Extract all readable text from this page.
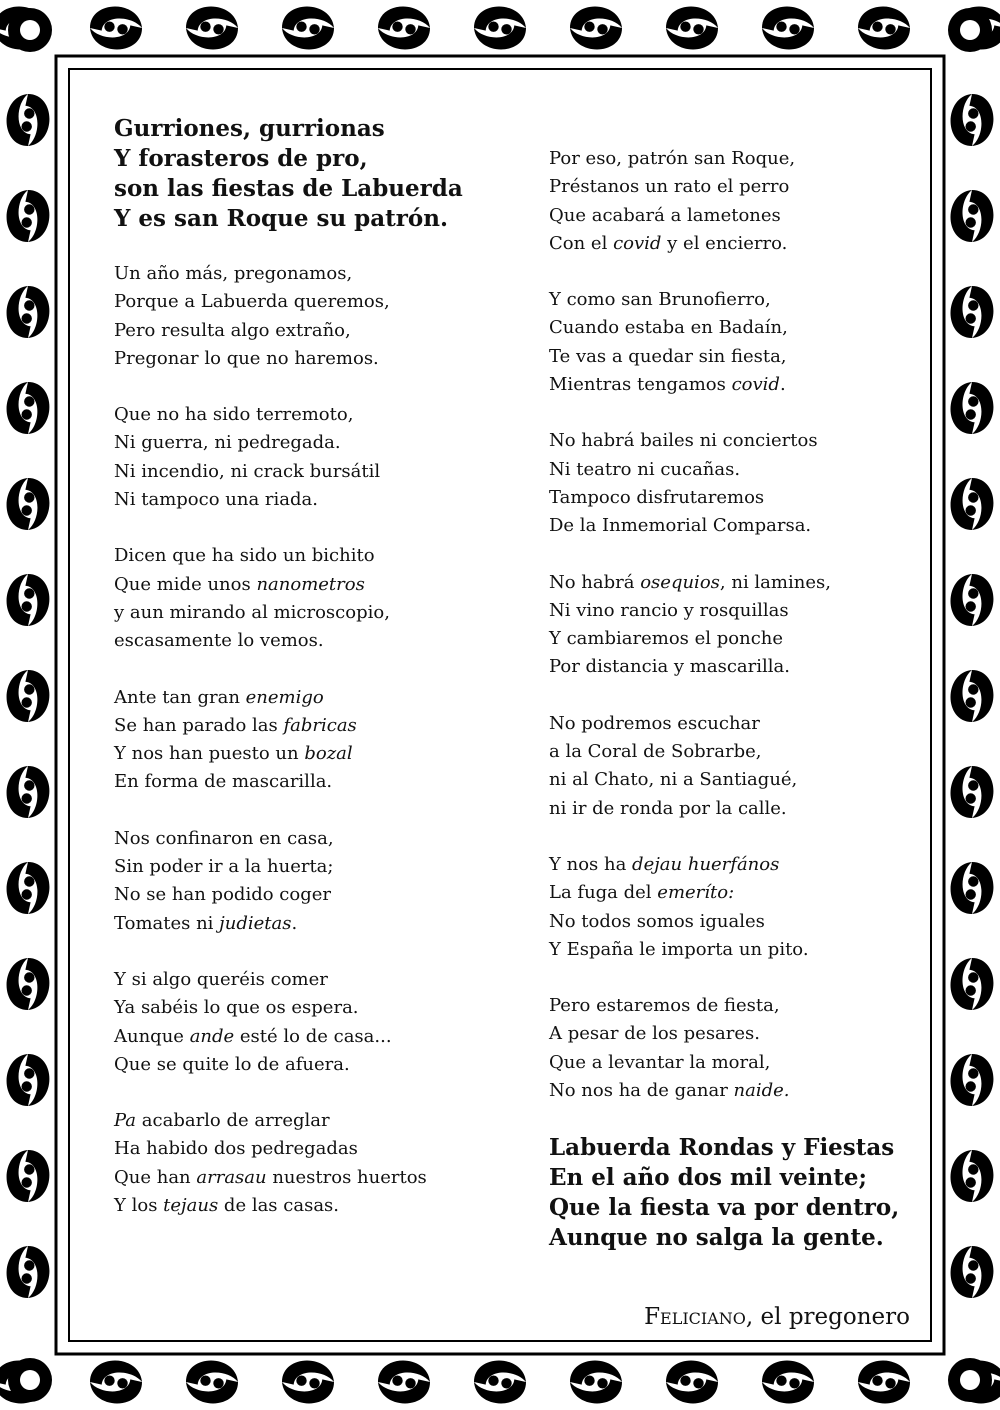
Gurriones, gurrionas
Y forasteros de pro,
son las fiestas de Labuerda
Y es san Roque su patrón.
Un año más, pregonamos,
Porque a Labuerda queremos,
Pero resulta algo extraño,
Pregonar lo que no haremos.
Que no ha sido terremoto,
Ni guerra, ni pedregada.
Ni incendio, ni crack bursátil
Ni tampoco una riada.
Dicen que ha sido un bichito
Que mide unos nanometros
y aun mirando al microscopio,
escasamente lo vemos.
Ante tan gran enemigo
Se han parado las fabricas
Y nos han puesto un bozal
En forma de mascarilla.
Nos confinaron en casa,
Sin poder ir a la huerta;
No se han podido coger
Tomates ni judietas.
Y si algo queréis comer
Ya sabéis lo que os espera.
Aunque ande esté lo de casa...
Que se quite lo de afuera.
Pa acabarlo de arreglar
Ha habido dos pedregadas
Que han arrasau nuestros huertos
Y los tejaus de las casas.
Por eso, patrón san Roque,
Préstanos un rato el perro
Que acabará a lametones
Con el covid y el encierro.
Y como san Brunofierro,
Cuando estaba en Badaín,
Te vas a quedar sin fiesta,
Mientras tengamos covid.
No habrá bailes ni conciertos
Ni teatro ni cucañas.
Tampoco disfrutaremos
De la Inmemorial Comparsa.
No habrá osequios, ni lamines,
Ni vino rancio y rosquillas
Y cambiaremos el ponche
Por distancia y mascarilla.
No podremos escuchar
a la Coral de Sobrarbe,
ni al Chato, ni a Santiagué,
ni ir de ronda por la calle.
Y nos ha dejau huerfános
La fuga del emeríto:
No todos somos iguales
Y España le importa un pito.
Pero estaremos de fiesta,
A pesar de los pesares.
Que a levantar la moral,
No nos ha de ganar naide.
Labuerda Rondas y Fiestas
En el año dos mil veinte;
Que la fiesta va por dentro,
Aunque no salga la gente.
Feliciano, el pregonero
